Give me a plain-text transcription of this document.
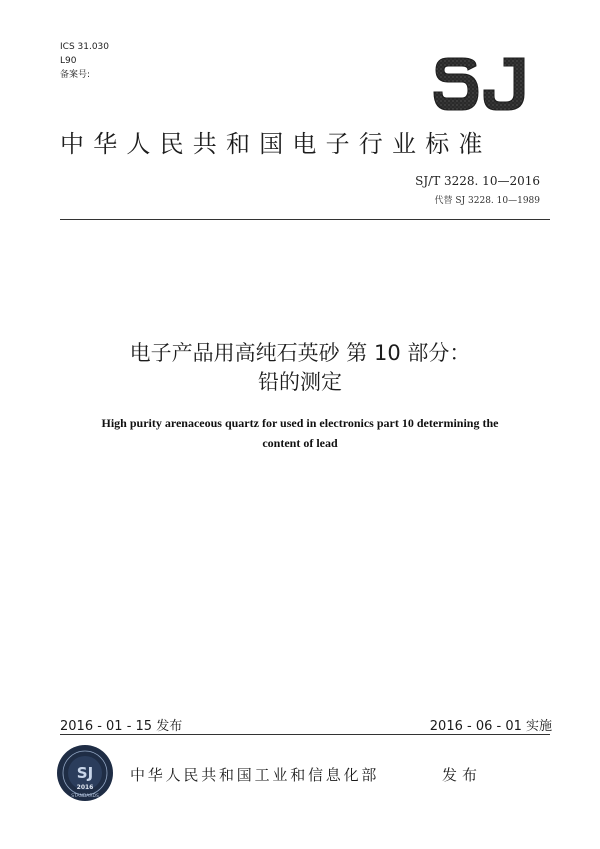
ICS 31.030
L90
备案号:
SJ
中华人民共和国电子行业标准
SJ/T 3228. 10—2016
代替 SJ 3228. 10—1989
电子产品用高纯石英砂 第 10 部分：
铅的测定
High purity arenaceous quartz for used in electronics part 10 determining the
content of lead
2016 - 01 - 15 发布	2016 - 06 - 01 实施
SJ
2016
STANDARDS
中华人民共和国工业和信息化部	发布
